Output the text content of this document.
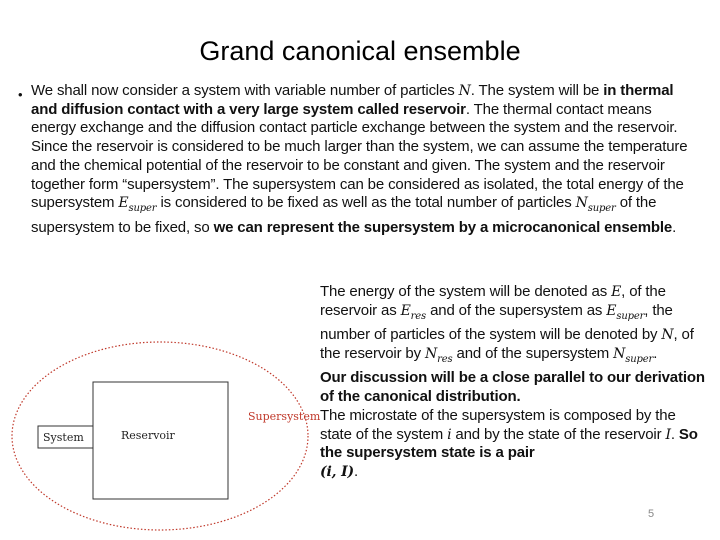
Grand canonical ensemble
• We shall now consider a system with variable number of particles N. The system will be in thermal and diffusion contact with a very large system called reservoir. The thermal contact means energy exchange and the diffusion contact particle exchange between the system and the reservoir. Since the reservoir is considered to be much larger than the system, we can assume the temperature and the chemical potential of the reservoir to be constant and given. The system and the reservoir together form “supersystem”. The supersystem can be considered as isolated, the total energy of the supersystem $E_{super}$ is considered to be fixed as well as the total number of particles $N_{super}$ of the supersystem to be fixed, so we can represent the supersystem by a microcanonical ensemble.
System	Reservoir
Supersystem
The energy of the system will be denoted as E, of the reservoir as $E_{res}$ and of the supersystem as $E_{super}$, the number of particles of the system will be denoted by N, of the reservoir by $N_{res}$ and of the supersystem $N_{super}$.
Our discussion will be a close parallel to our derivation of the canonical distribution.
The microstate of the supersystem is composed by the state of the system i and by the state of the reservoir I. So the supersystem state is a pair
(i, I).
5
